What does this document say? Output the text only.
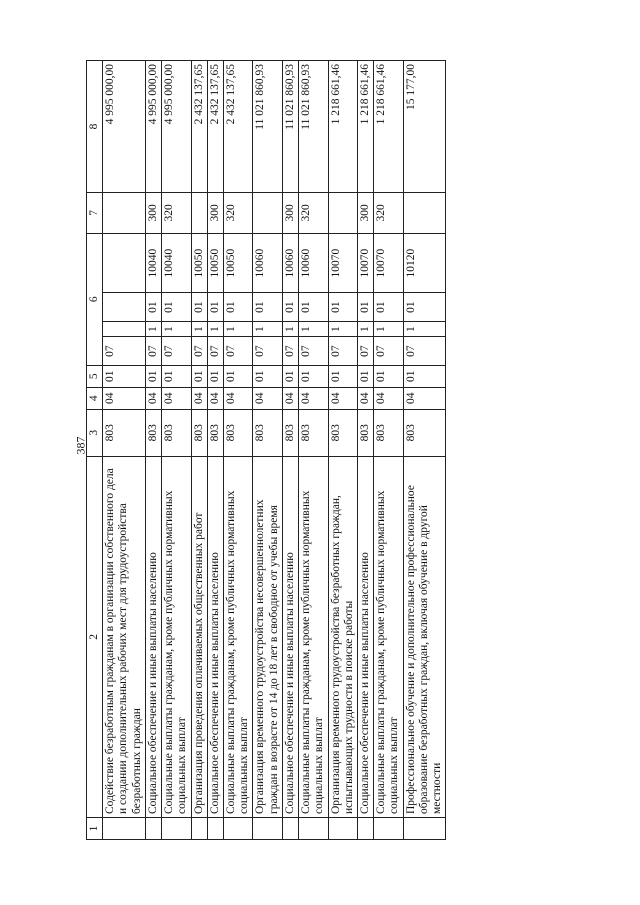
387
1	2	3	4	5	6				7	8
	Содействие безработным гражданам в организации собственного дела и создании дополнительных рабочих мест для трудоустройства безработных граждан	803	04	01	07					4 995 000,00
	Социальное обеспечение и иные выплаты населению	803	04	01	07	1	01	10040	300	4 995 000,00
	Социальные выплаты гражданам, кроме публичных нормативных социальных выплат	803	04	01	07	1	01	10040	320	4 995 000,00
	Организация проведения оплачиваемых общественных работ	803	04	01	07	1	01	10050		2 432 137,65
	Социальное обеспечение и иные выплаты населению	803	04	01	07	1	01	10050	300	2 432 137,65
	Социальные выплаты гражданам, кроме публичных нормативных социальных выплат	803	04	01	07	1	01	10050	320	2 432 137,65
	Организация временного трудоустройства несовершеннолетних граждан в возрасте от 14 до 18 лет в свободное от учебы время	803	04	01	07	1	01	10060		11 021 860,93
	Социальное обеспечение и иные выплаты населению	803	04	01	07	1	01	10060	300	11 021 860,93
	Социальные выплаты гражданам, кроме публичных нормативных социальных выплат	803	04	01	07	1	01	10060	320	11 021 860,93
	Организация временного трудоустройства безработных граждан, испытывающих трудности в поиске работы	803	04	01	07	1	01	10070		1 218 661,46
	Социальное обеспечение и иные выплаты населению	803	04	01	07	1	01	10070	300	1 218 661,46
	Социальные выплаты гражданам, кроме публичных нормативных социальных выплат	803	04	01	07	1	01	10070	320	1 218 661,46
	Профессиональное обучение и дополнительное профессиональное образование безработных граждан, включая обучение в другой местности	803	04	01	07	1	01	10120		15 177,00
